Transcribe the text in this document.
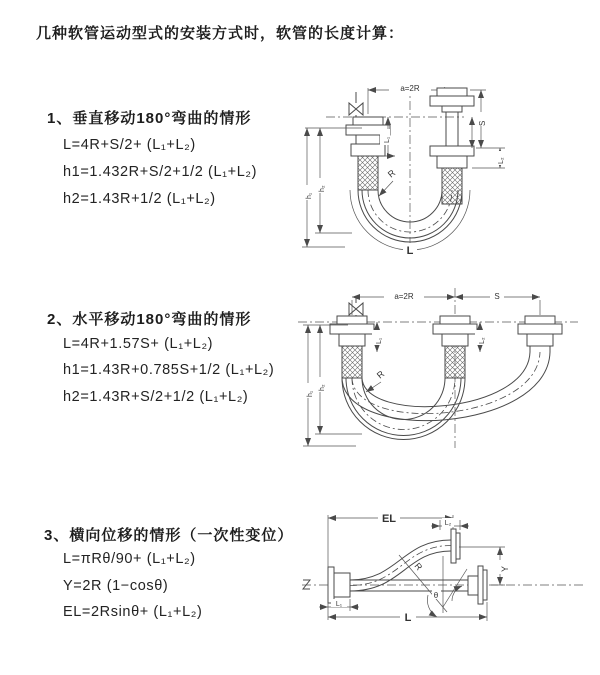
几种软管运动型式的安装方式时，软管的长度计算：
1、垂直移动180°弯曲的情形
L=4R+S/2+ (L₁+L₂)
h1=1.432R+S/2+1/2 (L₁+L₂)
h2=1.43R+1/2 (L₁+L₂)
a=2R
S
L₂
L₁
h₁
h₂
R
L
2、水平移动180°弯曲的情形
L=4R+1.57S+ (L₁+L₂)
h1=1.43R+0.785S+1/2 (L₁+L₂)
h2=1.43R+S/2+1/2 (L₁+L₂)
a=2R	S
h₁
h₂
L₁	L₂
R
3、横向位移的情形（一次性变位）
L=πRθ/90+ (L₁+L₂)
Y=2R (1−cosθ)
EL=2Rsinθ+ (L₁+L₂)
EL	L₂
Y
R
θ
L
L₁
